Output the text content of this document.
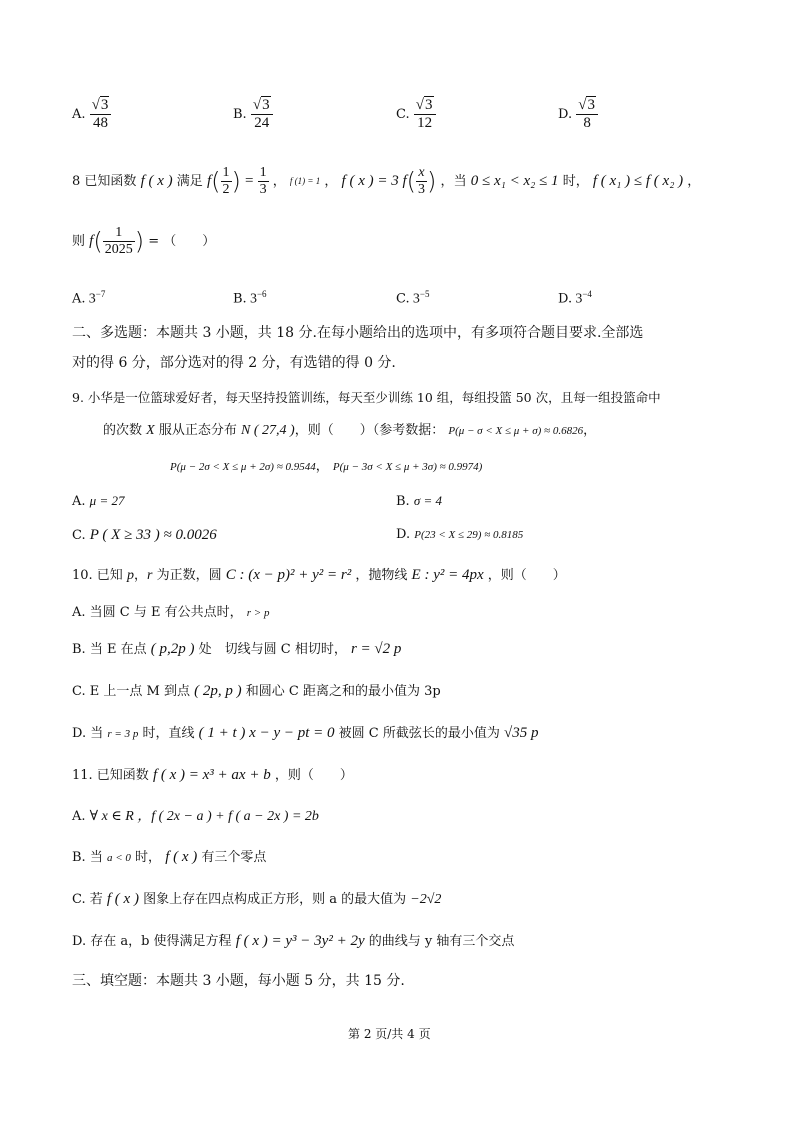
A. $\frac{√3}{48}$	B. $\frac{√3}{24}$	C. $\frac{√3}{12}$	D. $\frac{√3}{8}$
8 已知函数 f ( x ) 满足 $f( \frac{1}{2}$ ) = $\frac{1}{3}$ ， f (1) = 1 ， f ( x ) = 3 $f( \frac{x}{3}$ ) ，当 0 ≤ x₁ < x₂ ≤ 1 时， f ( x₁ ) ≤ f ( x₂ ) ，
则 $f( \frac{1}{2025}$ ) = （　　）
A. $3^{-7}$	B. $3^{-6}$	C. $3^{-5}$	D. $3^{-4}$
二、多选题：本题共 3 小题，共 18 分.在每小题给出的选项中，有多项符合题目要求.全部选
对的得 6 分，部分选对的得 2 分，有选错的得 0 分.
9. 小华是一位篮球爱好者，每天坚持投篮训练，每天至少训练 10 组，每组投篮 50 次，且每一组投篮命中
的次数 X 服从正态分布 N ( 27,4 )，则（　　）（参考数据： P(μ − σ < X ≤ μ + σ) ≈ 0.6826，
P(μ − 2σ < X ≤ μ + 2σ) ≈ 0.9544， P(μ − 3σ < X ≤ μ + 3σ) ≈ 0.9974)
A. μ = 27	B. σ = 4
C. P ( X ≥ 33 ) ≈ 0.0026	D. P(23 < X ≤ 29) ≈ 0.8185
10. 已知 p，r 为正数，圆 C : (x − p)² + y² = r² ，抛物线 E : y² = 4px ，则（　　）
A. 当圆 C 与 E 有公共点时， r > p
B. 当 E 在点 ( p,2p ) 处　切线与圆 C 相切时， r = √2 p
C. E 上一点 M 到点 ( 2p, p ) 和圆心 C 距离之和的最小值为 3p
D. 当 r = 3 p 时，直线 ( 1 + t ) x − y − pt = 0 被圆 C 所截弦长的最小值为 √35 p
11. 已知函数 f ( x ) = x³ + ax + b ，则（　　）
A. ∀ x ∈ R ，f ( 2x − a ) + f ( a − 2x ) = 2b
B. 当 a < 0 时， f ( x ) 有三个零点
C. 若 f ( x ) 图象上存在四点构成正方形，则 a 的最大值为 −2√2
D. 存在 a，b 使得满足方程 f ( x ) = y³ − 3y² + 2y 的曲线与 y 轴有三个交点
三、填空题：本题共 3 小题，每小题 5 分，共 15 分.
第 2 页/共 4 页
